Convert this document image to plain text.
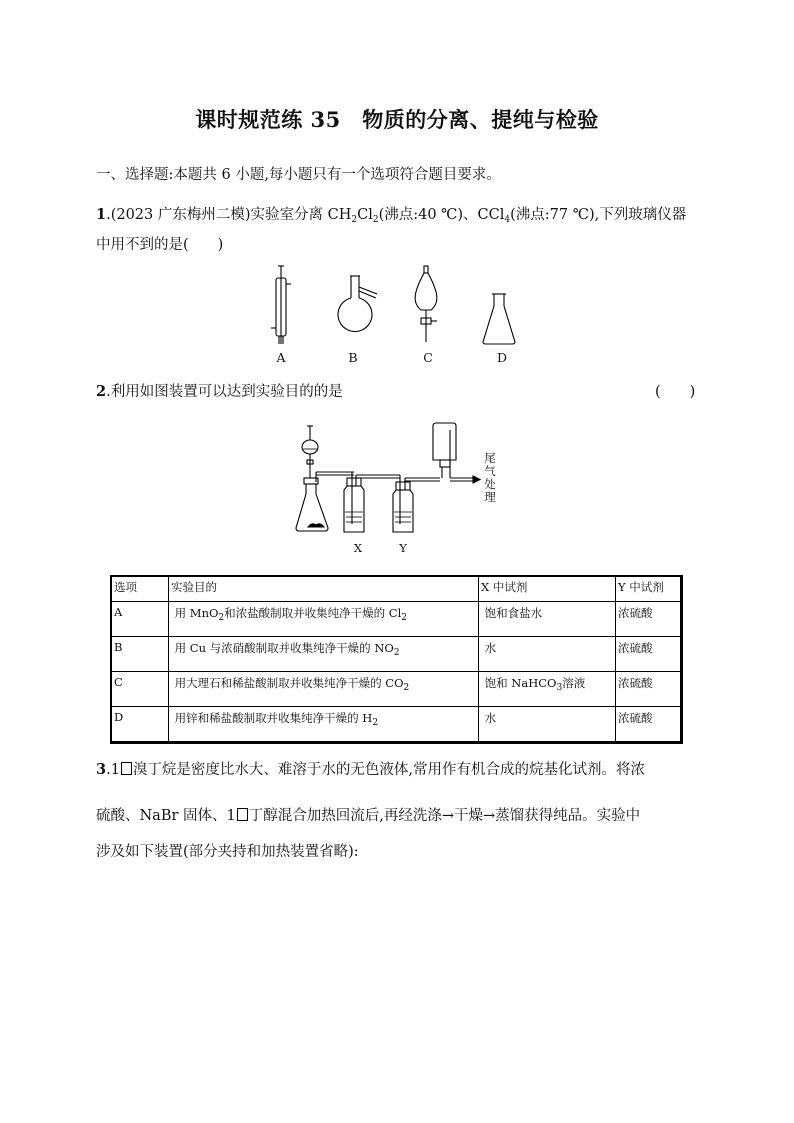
课时规范练 35　物质的分离、提纯与检验
一、选择题:本题共 6 小题,每小题只有一个选项符合题目要求。
1.(2023 广东梅州二模)实验室分离 $CH_2Cl_2$(沸点:40 ℃)、CCl$_4$(沸点:77 ℃),下列玻璃仪器
中用不到的是(　　)
A	B	C	D
2.利用如图装置可以达到实验目的的是	(　　)
尾
气
处
理
X	Y
选项	实验目的	X 中试剂	Y 中试剂
A	用 MnO$_2$和浓盐酸制取并收集纯净干燥的 $Cl_2$	饱和食盐水	浓硫酸
B	用 Cu 与浓硝酸制取并收集纯净干燥的 $NO_2$	水	浓硫酸
C	用大理石和稀盐酸制取并收集纯净干燥的 $CO_2$	饱和 NaHCO$_3$溶液	浓硫酸
D	用锌和稀盐酸制取并收集纯净干燥的 $H_2$	水	浓硫酸
3.1 溴丁烷是密度比水大、难溶于水的无色液体,常用作有机合成的烷基化试剂。将浓
硫酸、NaBr 固体、1 丁醇混合加热回流后,再经洗涤→干燥→蒸馏获得纯品。实验中
涉及如下装置(部分夹持和加热装置省略):
